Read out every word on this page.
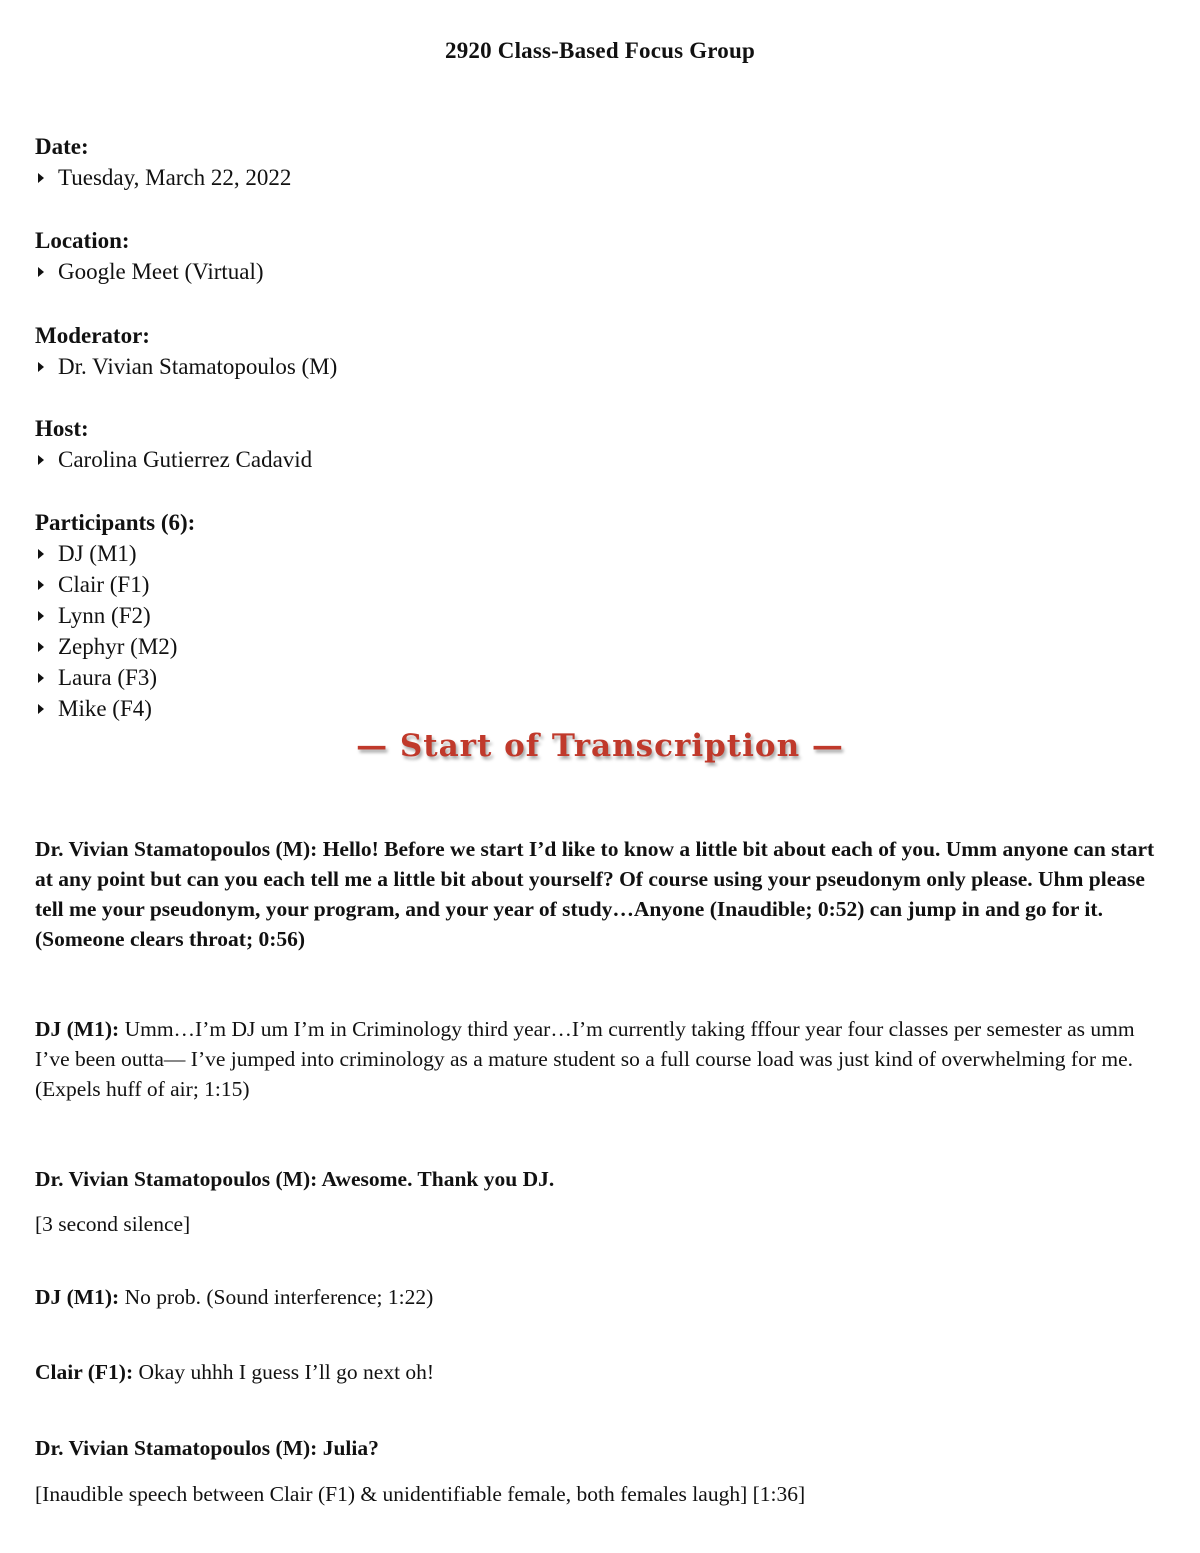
2920 Class-Based Focus Group
Date:
Tuesday, March 22, 2022
Location:
Google Meet (Virtual)
Moderator:
Dr. Vivian Stamatopoulos (M)
Host:
Carolina Gutierrez Cadavid
Participants (6):
DJ (M1)
Clair (F1)
Lynn (F2)
Zephyr (M2)
Laura (F3)
Mike (F4)
— Start of Transcription —
Dr. Vivian Stamatopoulos (M): Hello! Before we start I’d like to know a little bit about each of you. Umm anyone can start at any point but can you each tell me a little bit about yourself? Of course using your pseudonym only please. Uhm please tell me your pseudonym, your program, and your year of study…Anyone (Inaudible; 0:52) can jump in and go for it. (Someone clears throat; 0:56)
DJ (M1): Umm…I’m DJ um I’m in Criminology third year…I’m currently taking fffour year four classes per semester as umm I’ve been outta— I’ve jumped into criminology as a mature student so a full course load was just kind of overwhelming for me. (Expels huff of air; 1:15)
Dr. Vivian Stamatopoulos (M): Awesome. Thank you DJ.
[3 second silence]
DJ (M1): No prob. (Sound interference; 1:22)
Clair (F1): Okay uhhh I guess I’ll go next oh!
Dr. Vivian Stamatopoulos (M): Julia?
[Inaudible speech between Clair (F1) & unidentifiable female, both females laugh] [1:36]
